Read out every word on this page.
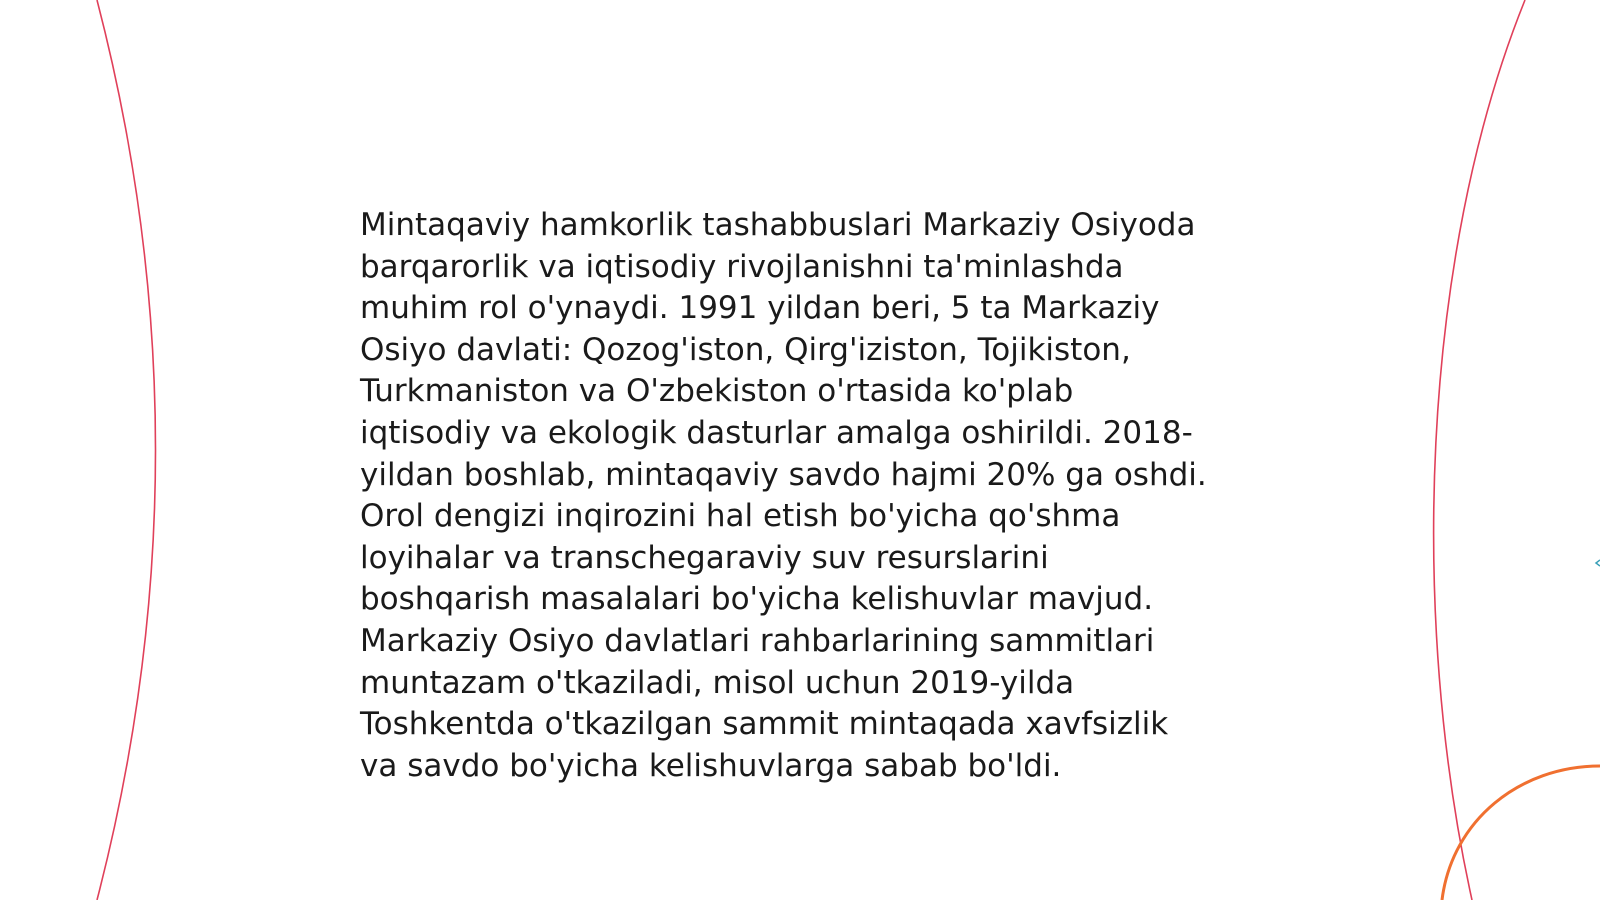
Mintaqaviy hamkorlik tashabbuslari Markaziy Osiyoda
barqarorlik va iqtisodiy rivojlanishni ta'minlashda
muhim rol o'ynaydi. 1991 yildan beri, 5 ta Markaziy
Osiyo davlati: Qozog'iston, Qirg'iziston, Tojikiston,
Turkmaniston va O'zbekiston o'rtasida ko'plab
iqtisodiy va ekologik dasturlar amalga oshirildi. 2018-
yildan boshlab, mintaqaviy savdo hajmi 20% ga oshdi.
Orol dengizi inqirozini hal etish bo'yicha qo'shma
loyihalar va transchegaraviy suv resurslarini
boshqarish masalalari bo'yicha kelishuvlar mavjud.
Markaziy Osiyo davlatlari rahbarlarining sammitlari
muntazam o'tkaziladi, misol uchun 2019-yilda
Toshkentda o'tkazilgan sammit mintaqada xavfsizlik
va savdo bo'yicha kelishuvlarga sabab bo'ldi.
